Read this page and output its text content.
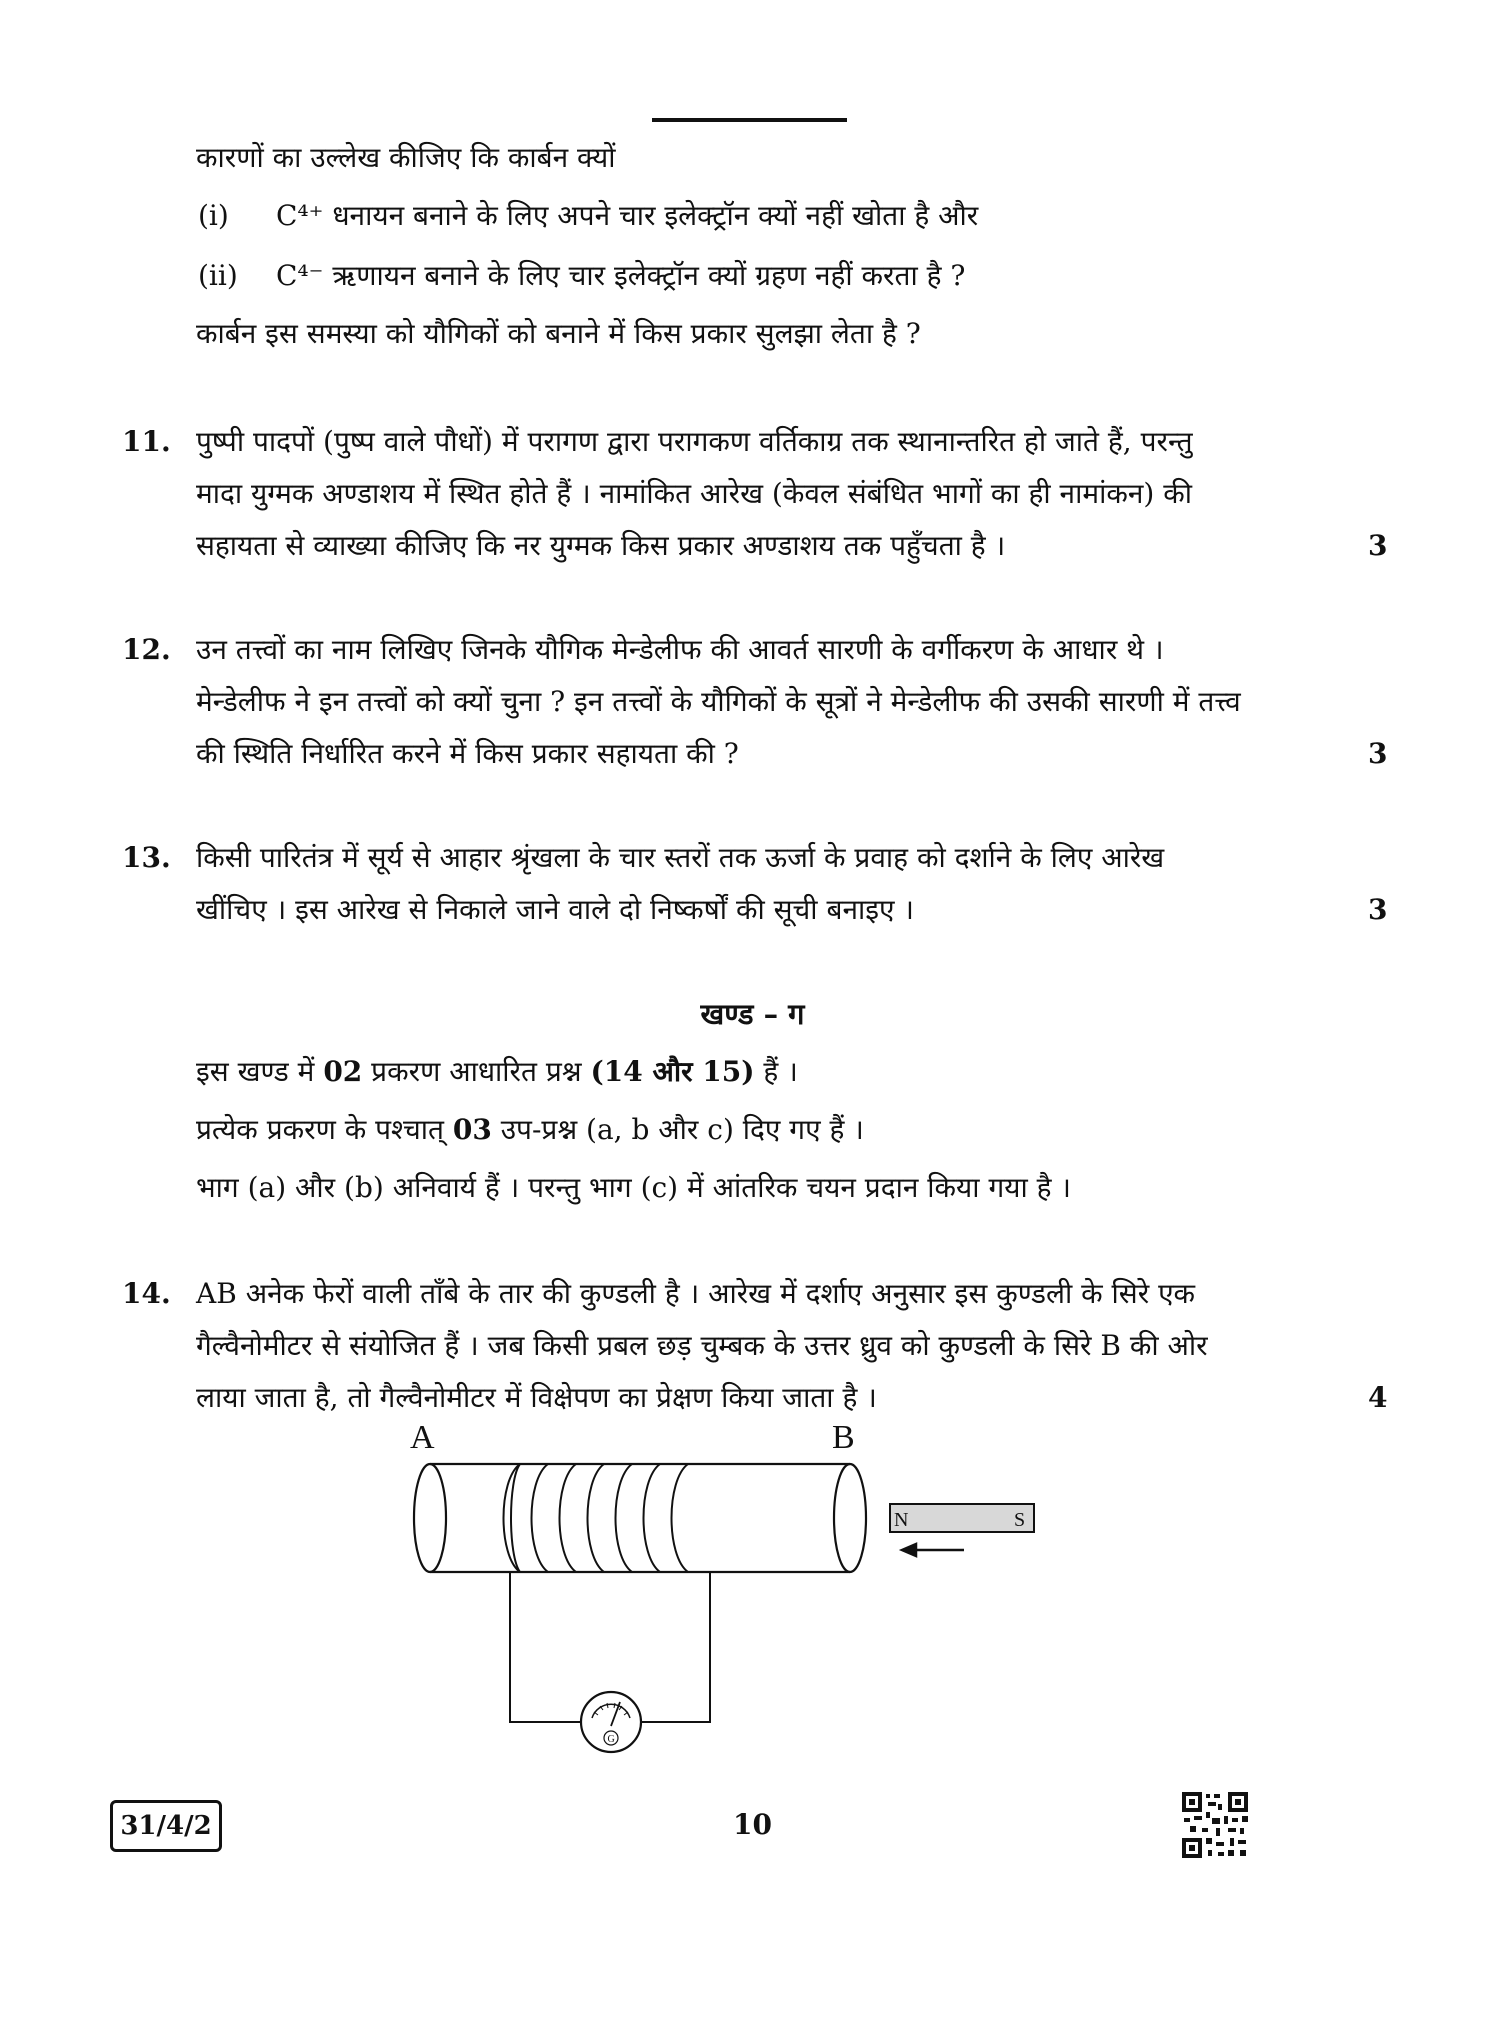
कारणों का उल्लेख कीजिए कि कार्बन क्यों
(i) C⁴⁺ धनायन बनाने के लिए अपने चार इलेक्ट्रॉन क्यों नहीं खोता है और
(ii) C⁴⁻ ऋणायन बनाने के लिए चार इलेक्ट्रॉन क्यों ग्रहण नहीं करता है ?
कार्बन इस समस्या को यौगिकों को बनाने में किस प्रकार सुलझा लेता है ?
11. पुष्पी पादपों (पुष्प वाले पौधों) में परागण द्वारा परागकण वर्तिकाग्र तक स्थानान्तरित हो जाते हैं, परन्तु
मादा युग्मक अण्डाशय में स्थित होते हैं । नामांकित आरेख (केवल संबंधित भागों का ही नामांकन) की
सहायता से व्याख्या कीजिए कि नर युग्मक किस प्रकार अण्डाशय तक पहुँचता है ।	3
12. उन तत्त्वों का नाम लिखिए जिनके यौगिक मेन्डेलीफ की आवर्त सारणी के वर्गीकरण के आधार थे ।
मेन्डेलीफ ने इन तत्त्वों को क्यों चुना ? इन तत्त्वों के यौगिकों के सूत्रों ने मेन्डेलीफ की उसकी सारणी में तत्त्व
की स्थिति निर्धारित करने में किस प्रकार सहायता की ?	3
13. किसी पारितंत्र में सूर्य से आहार श्रृंखला के चार स्तरों तक ऊर्जा के प्रवाह को दर्शाने के लिए आरेख
खींचिए । इस आरेख से निकाले जाने वाले दो निष्कर्षों की सूची बनाइए ।	3
खण्ड – ग
इस खण्ड में 02 प्रकरण आधारित प्रश्न (14 और 15) हैं ।
प्रत्येक प्रकरण के पश्चात् 03 उप-प्रश्न (a, b और c) दिए गए हैं ।
भाग (a) और (b) अनिवार्य हैं । परन्तु भाग (c) में आंतरिक चयन प्रदान किया गया है ।
14. AB अनेक फेरों वाली ताँबे के तार की कुण्डली है । आरेख में दर्शाए अनुसार इस कुण्डली के सिरे एक
गैल्वैनोमीटर से संयोजित हैं । जब किसी प्रबल छड़ चुम्बक के उत्तर ध्रुव को कुण्डली के सिरे B की ओर
लाया जाता है, तो गैल्वैनोमीटर में विक्षेपण का प्रेक्षण किया जाता है ।	4
A	B
N	S
G
31/4/2	10
